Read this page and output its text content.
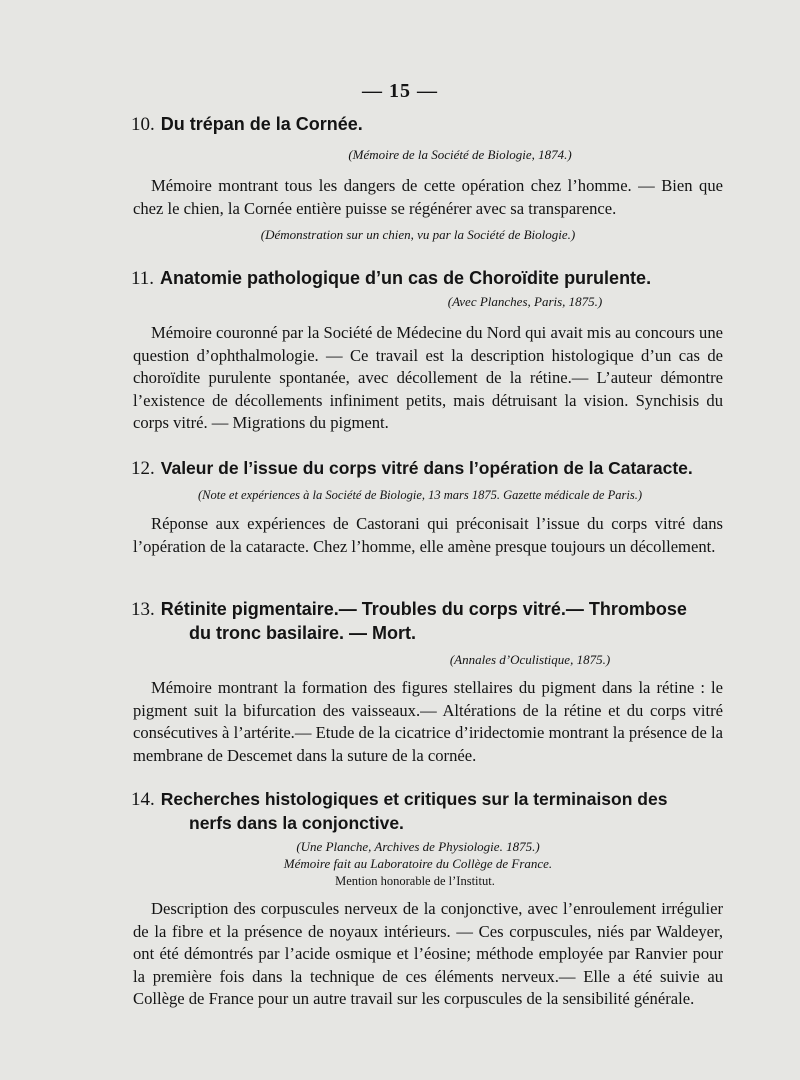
— 15 —
10. Du trépan de la Cornée.
(Mémoire de la Société de Biologie, 1874.)
Mémoire montrant tous les dangers de cette opération chez l’homme. — Bien que chez le chien, la Cornée entière puisse se régénérer avec sa transparence.
(Démonstration sur un chien, vu par la Société de Biologie.)
11. Anatomie pathologique d’un cas de Choroïdite purulente.
(Avec Planches, Paris, 1875.)
Mémoire couronné par la Société de Médecine du Nord qui avait mis au concours une question d’ophthalmologie. — Ce travail est la description histologique d’un cas de choroïdite purulente spontanée, avec décollement de la rétine.— L’auteur démontre l’existence de décollements infiniment petits, mais détruisant la vision. Synchisis du corps vitré. — Migrations du pigment.
12. Valeur de l’issue du corps vitré dans l’opération de la Cataracte.
(Note et expériences à la Société de Biologie, 13 mars 1875. Gazette médicale de Paris.)
Réponse aux expériences de Castorani qui préconisait l’issue du corps vitré dans l’opération de la cataracte. Chez l’homme, elle amène presque toujours un décollement.
13. Rétinite pigmentaire.— Troubles du corps vitré.— Thrombose
du tronc basilaire. — Mort.
(Annales d’Oculistique, 1875.)
Mémoire montrant la formation des figures stellaires du pigment dans la rétine : le pigment suit la bifurcation des vaisseaux.— Altérations de la rétine et du corps vitré consécutives à l’artérite.— Etude de la cicatrice d’iridectomie montrant la présence de la membrane de Descemet dans la suture de la cornée.
14. Recherches histologiques et critiques sur la terminaison des
nerfs dans la conjonctive.
(Une Planche, Archives de Physiologie. 1875.)
Mémoire fait au Laboratoire du Collège de France.
Mention honorable de l’Institut.
Description des corpuscules nerveux de la conjonctive, avec l’enroulement irrégulier de la fibre et la présence de noyaux intérieurs. — Ces corpuscules, niés par Waldeyer, ont été démontrés par l’acide osmique et l’éosine; méthode employée par Ranvier pour la première fois dans la technique de ces éléments nerveux.— Elle a été suivie au Collège de France pour un autre travail sur les corpuscules de la sensibilité générale.
